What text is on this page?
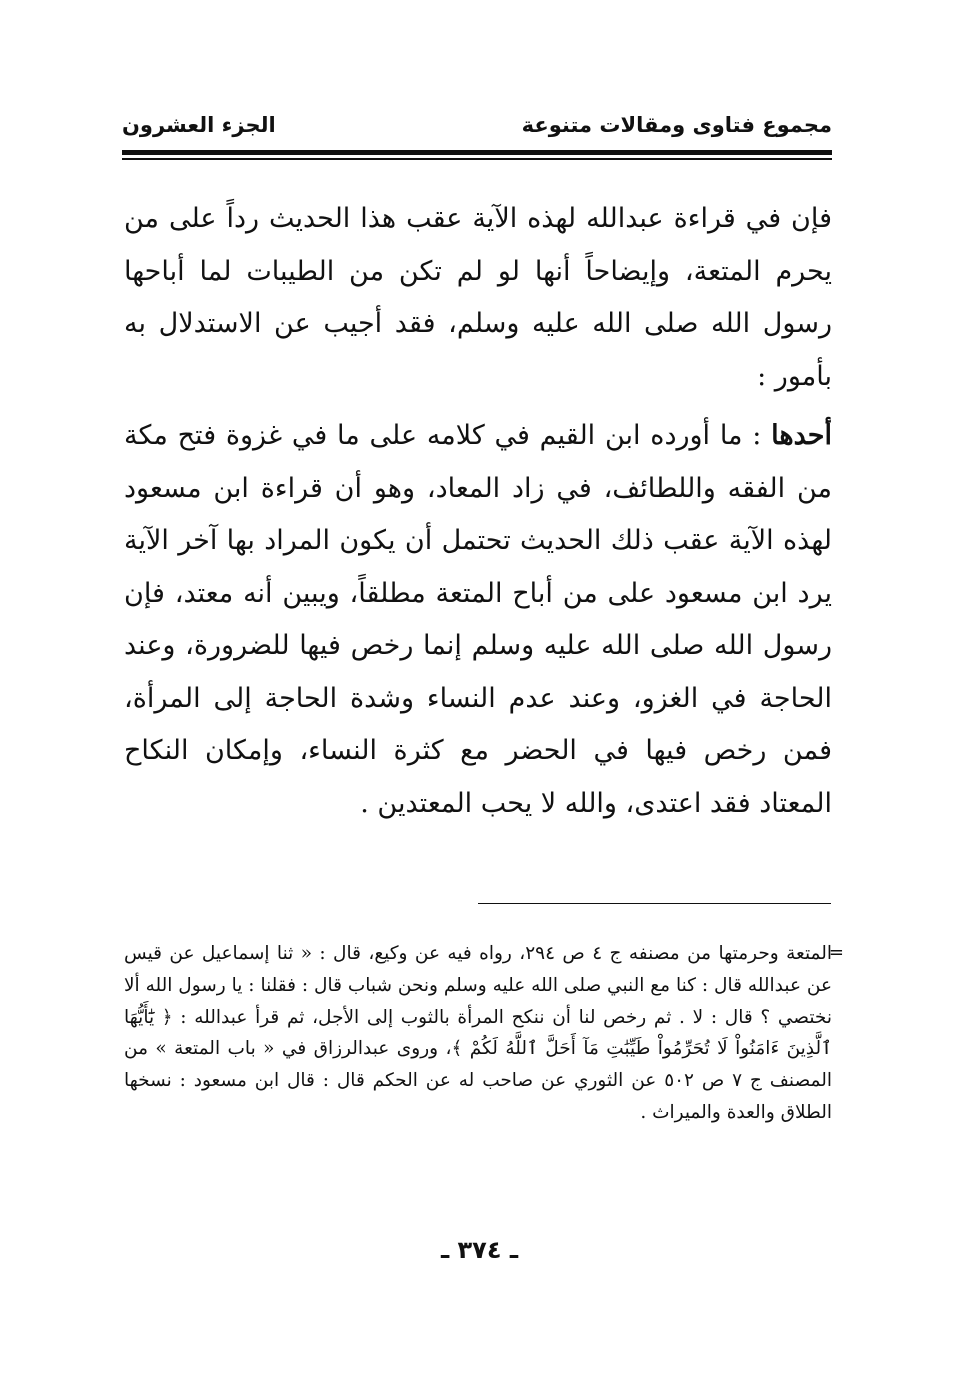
مجموع فتاوى ومقالات متنوعة
الجزء العشرون

فإن في قراءة عبدالله لهذه الآية عقب هذا الحديث رداً على من يحرم المتعة، وإيضاحاً أنها لو لم تكن من الطيبات لما أباحها رسول الله صلى الله عليه وسلم، فقد أجيب عن الاستدلال به بأمور :

أحدها : ما أورده ابن القيم في كلامه على ما في غزوة فتح مكة من الفقه واللطائف، في زاد المعاد، وهو أن قراءة ابن مسعود لهذه الآية عقب ذلك الحديث تحتمل أن يكون المراد بها آخر الآية يرد ابن مسعود على من أباح المتعة مطلقاً، ويبين أنه معتد، فإن رسول الله صلى الله عليه وسلم إنما رخص فيها للضرورة، وعند الحاجة في الغزو، وعند عدم النساء وشدة الحاجة إلى المرأة، فمن رخص فيها في الحضر مع كثرة النساء، وإمكان النكاح المعتاد فقد اعتدى، والله لا يحب المعتدين .

=

المتعة وحرمتها من مصنفه ج ٤ ص ٢٩٤، رواه فيه عن وكيع، قال : « ثنا إسماعيل عن قيس عن عبدالله قال : كنا مع النبي صلى الله عليه وسلم ونحن شباب قال : فقلنا : يا رسول الله ألا نختصي ؟ قال : لا . ثم رخص لنا أن ننكح المرأة بالثوب إلى الأجل، ثم قرأ عبدالله : ﴿ يَٰٓأَيُّهَا ٱلَّذِينَ ءَامَنُواْ لَا تُحَرِّمُواْ طَيِّبَٰتِ مَآ أَحَلَّ ٱللَّهُ لَكُمْ ﴾، وروى عبدالرزاق في « باب المتعة » من المصنف ج ٧ ص ٥٠٢ عن الثوري عن صاحب له عن الحكم قال : قال ابن مسعود : نسخها الطلاق والعدة والميراث .

ـ ٣٧٤ ـ
